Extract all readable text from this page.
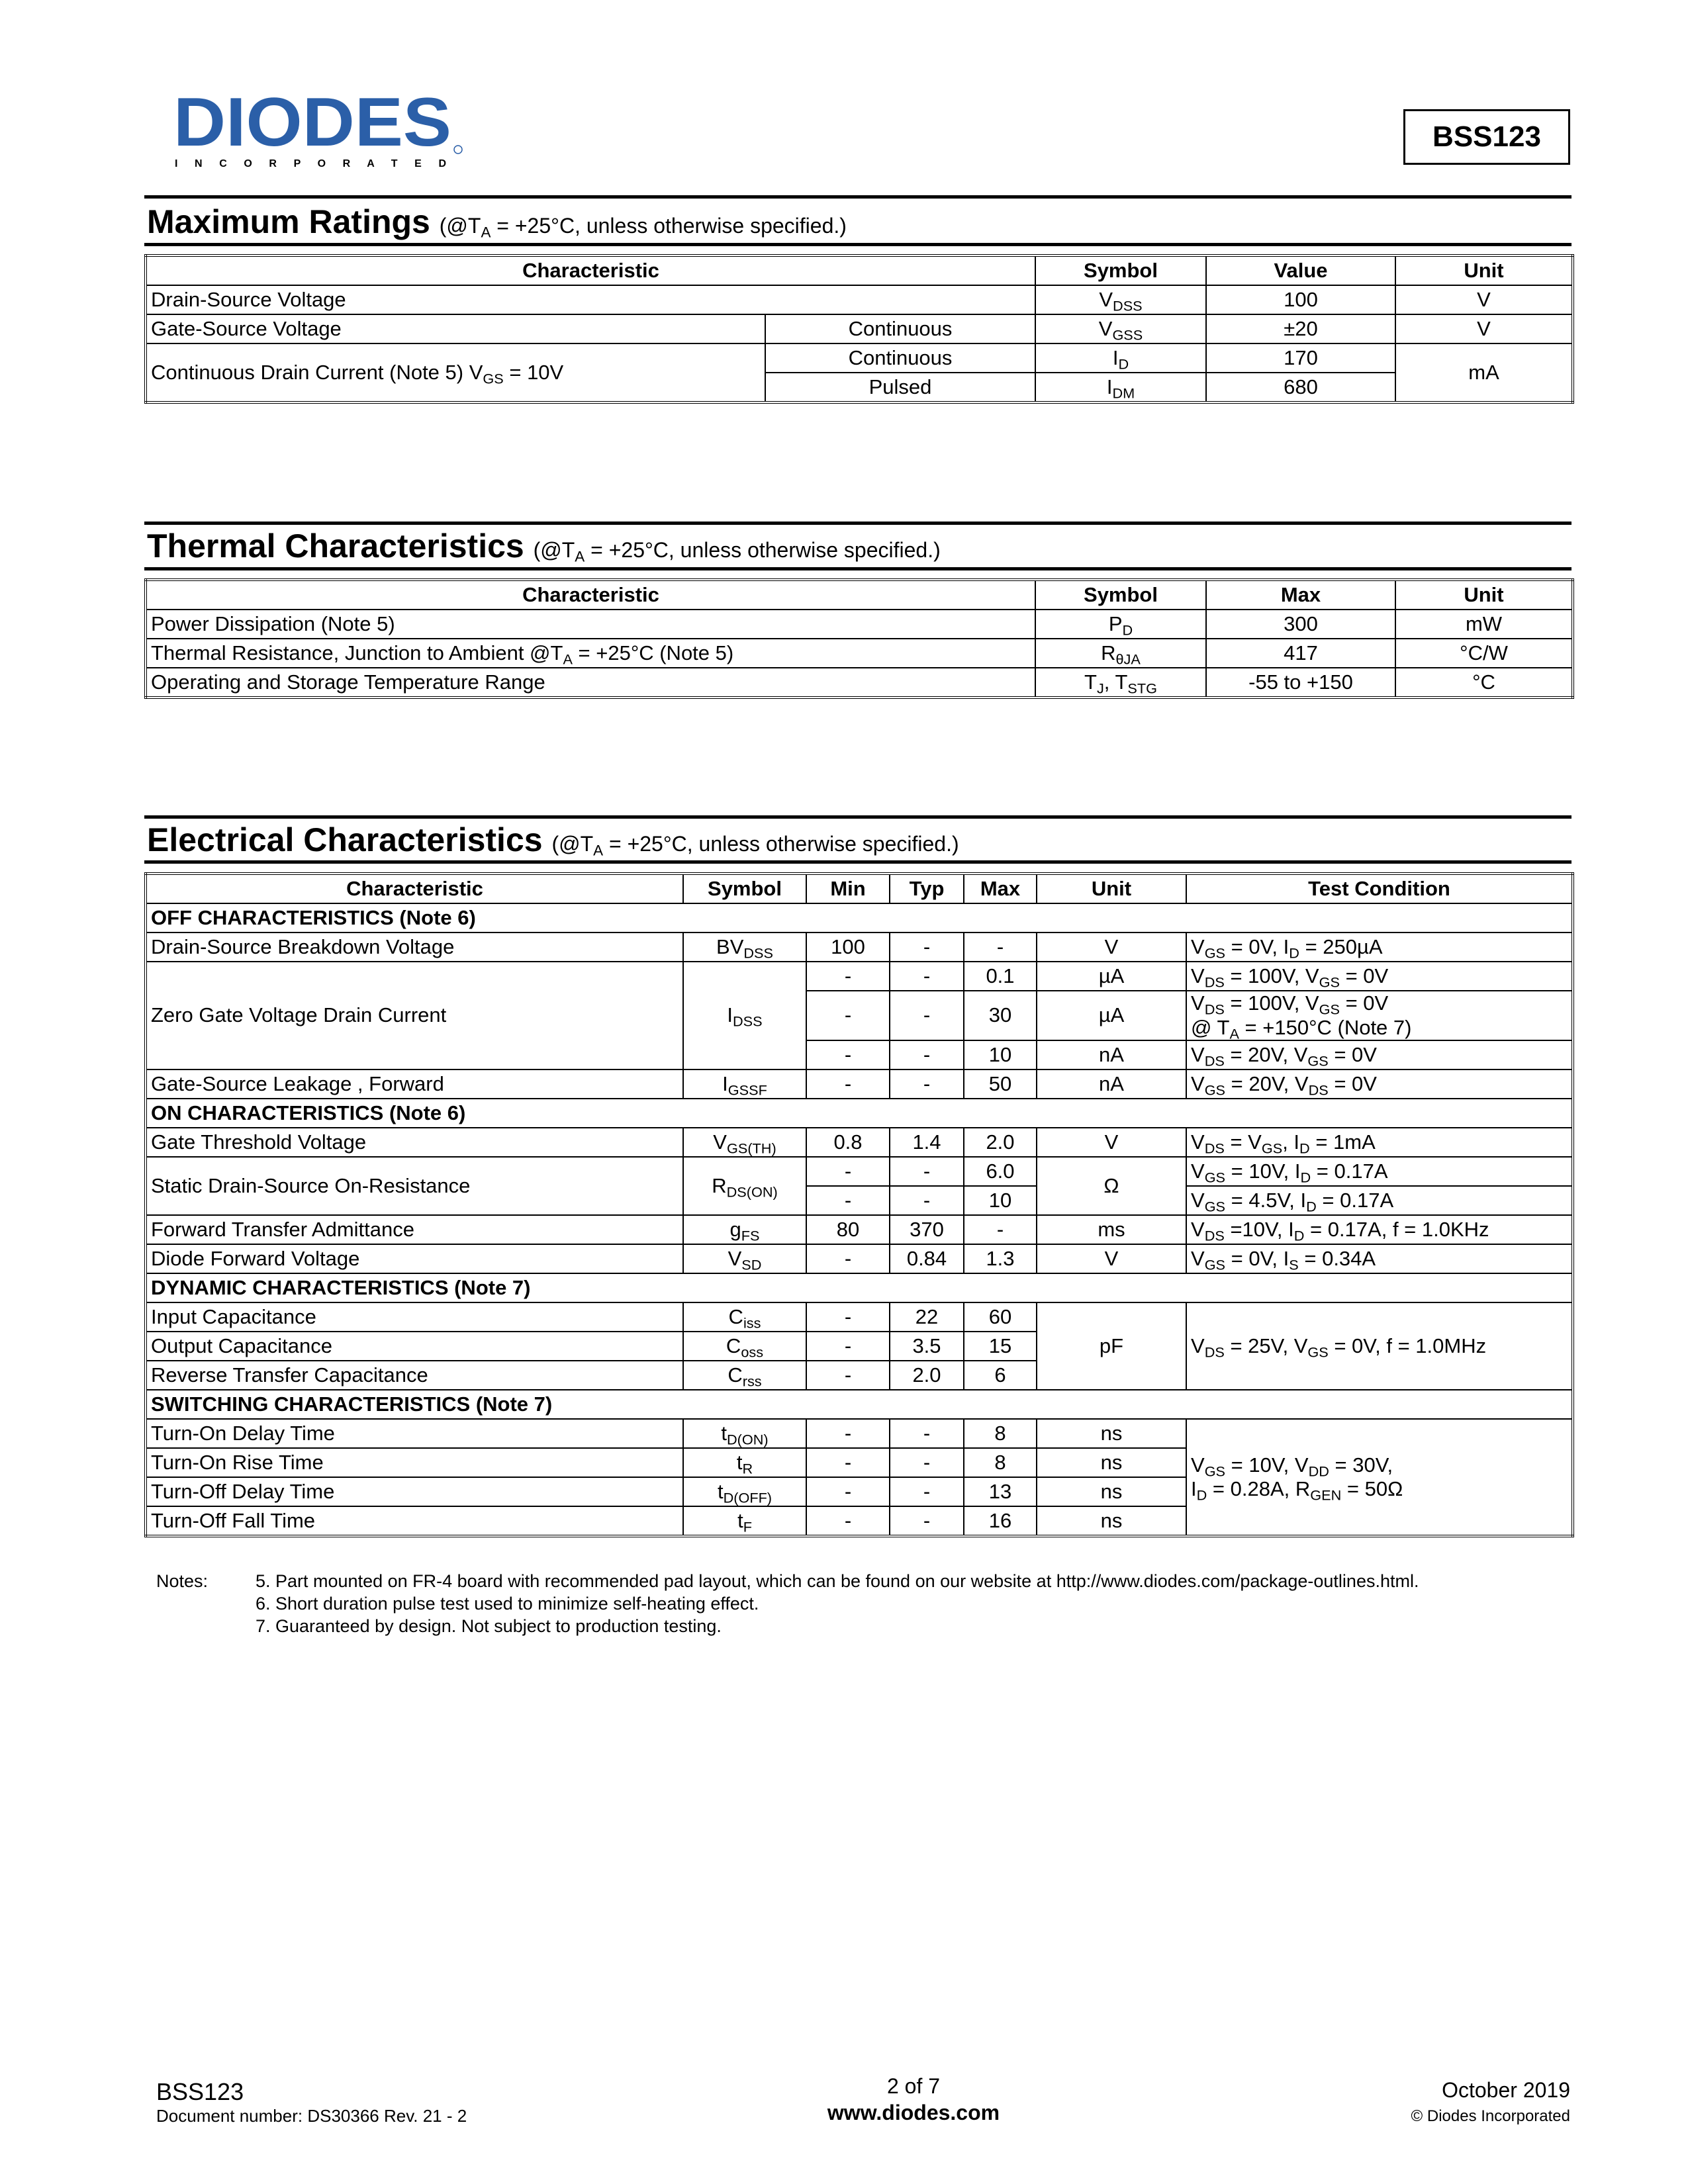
DIODES
I N C O R P O R A T E D
BSS123
Maximum Ratings ($@T_A = +25^\circ C$, unless otherwise specified.)
Characteristic		Symbol	Value	Unit
Drain-Source Voltage		$V_{DSS}$	100	V
Gate-Source Voltage	Continuous	$V_{GSS}$	±20	V
Continuous Drain Current (Note 5) $V_{GS} = 10V$	Continuous	$I_D$	170	mA
	Pulsed	$I_{DM}$	680	
Thermal Characteristics ($@T_A = +25^\circ C$, unless otherwise specified.)
Characteristic	Symbol	Max	Unit
Power Dissipation (Note 5)	$P_D$	300	mW
Thermal Resistance, Junction to Ambient $@T_A = +25^\circ C$ (Note 5)	$R_{\theta JA}$	417	°C/W
Operating and Storage Temperature Range	$T_J$, $T_{STG}$	-55 to +150	°C
Electrical Characteristics ($@T_A = +25^\circ C$, unless otherwise specified.)
Characteristic	Symbol	Min	Typ	Max	Unit	Test Condition
OFF CHARACTERISTICS (Note 6)						
Drain-Source Breakdown Voltage	$BV_{DSS}$	100	-	-	V	$V_{GS} = 0V$, $I_D = 250\mu A$
Zero Gate Voltage Drain Current	$I_{DSS}$	-	-	0.1	µA	$V_{DS} = 100V$, $V_{GS} = 0V$
		-	-	30	µA	$V_{DS} = 100V$, $V_{GS} = 0V$
@ $T_A = +150^\circ C$ (Note 7)
		-	-	10	nA	$V_{DS} = 20V$, $V_{GS} = 0V$
Gate-Source Leakage , Forward	$I_{GSSF}$	-	-	50	nA	$V_{GS} = 20V$, $V_{DS} = 0V$
ON CHARACTERISTICS (Note 6)						
Gate Threshold Voltage	$V_{GS(TH)}$	0.8	1.4	2.0	V	$V_{DS} = V_{GS}$, $I_D = 1mA$
Static Drain-Source On-Resistance	$R_{DS(ON)}$	-	-	6.0	Ω	$V_{GS} = 10V$, $I_D = 0.17A$
		-	-	10		$V_{GS} = 4.5V$, $I_D = 0.17A$
Forward Transfer Admittance	$g_{FS}$	80	370	-	ms	$V_{DS} =10V$, $I_D = 0.17A$, f = 1.0KHz
Diode Forward Voltage	$V_{SD}$	-	0.84	1.3	V	$V_{GS} = 0V$, $I_S = 0.34A$
DYNAMIC CHARACTERISTICS (Note 7)						
Input Capacitance	$C_{iss}$	-	22	60	pF	$V_{DS} = 25V$, $V_{GS} = 0V$, f = 1.0MHz
Output Capacitance	$C_{oss}$	-	3.5	15		
Reverse Transfer Capacitance	$C_{rss}$	-	2.0	6		
SWITCHING CHARACTERISTICS (Note 7)						
Turn-On Delay Time	$t_{D(ON)}$	-	-	8	ns	$V_{GS} = 10V$, $V_{DD} = 30V$,
$I_D = 0.28A$, $R_{GEN} = 50\Omega$
Turn-On Rise Time	$t_R$	-	-	8	ns	
Turn-Off Delay Time	$t_{D(OFF)}$	-	-	13	ns	
Turn-Off Fall Time	$t_F$	-	-	16	ns	
Notes:	5. Part mounted on FR-4 board with recommended pad layout, which can be found on our website at http://www.diodes.com/package-outlines.html.
6. Short duration pulse test used to minimize self-heating effect.
7. Guaranteed by design. Not subject to production testing.
BSS123
Document number: DS30366 Rev. 21 - 2
2 of 7
www.diodes.com
October 2019
© Diodes Incorporated
